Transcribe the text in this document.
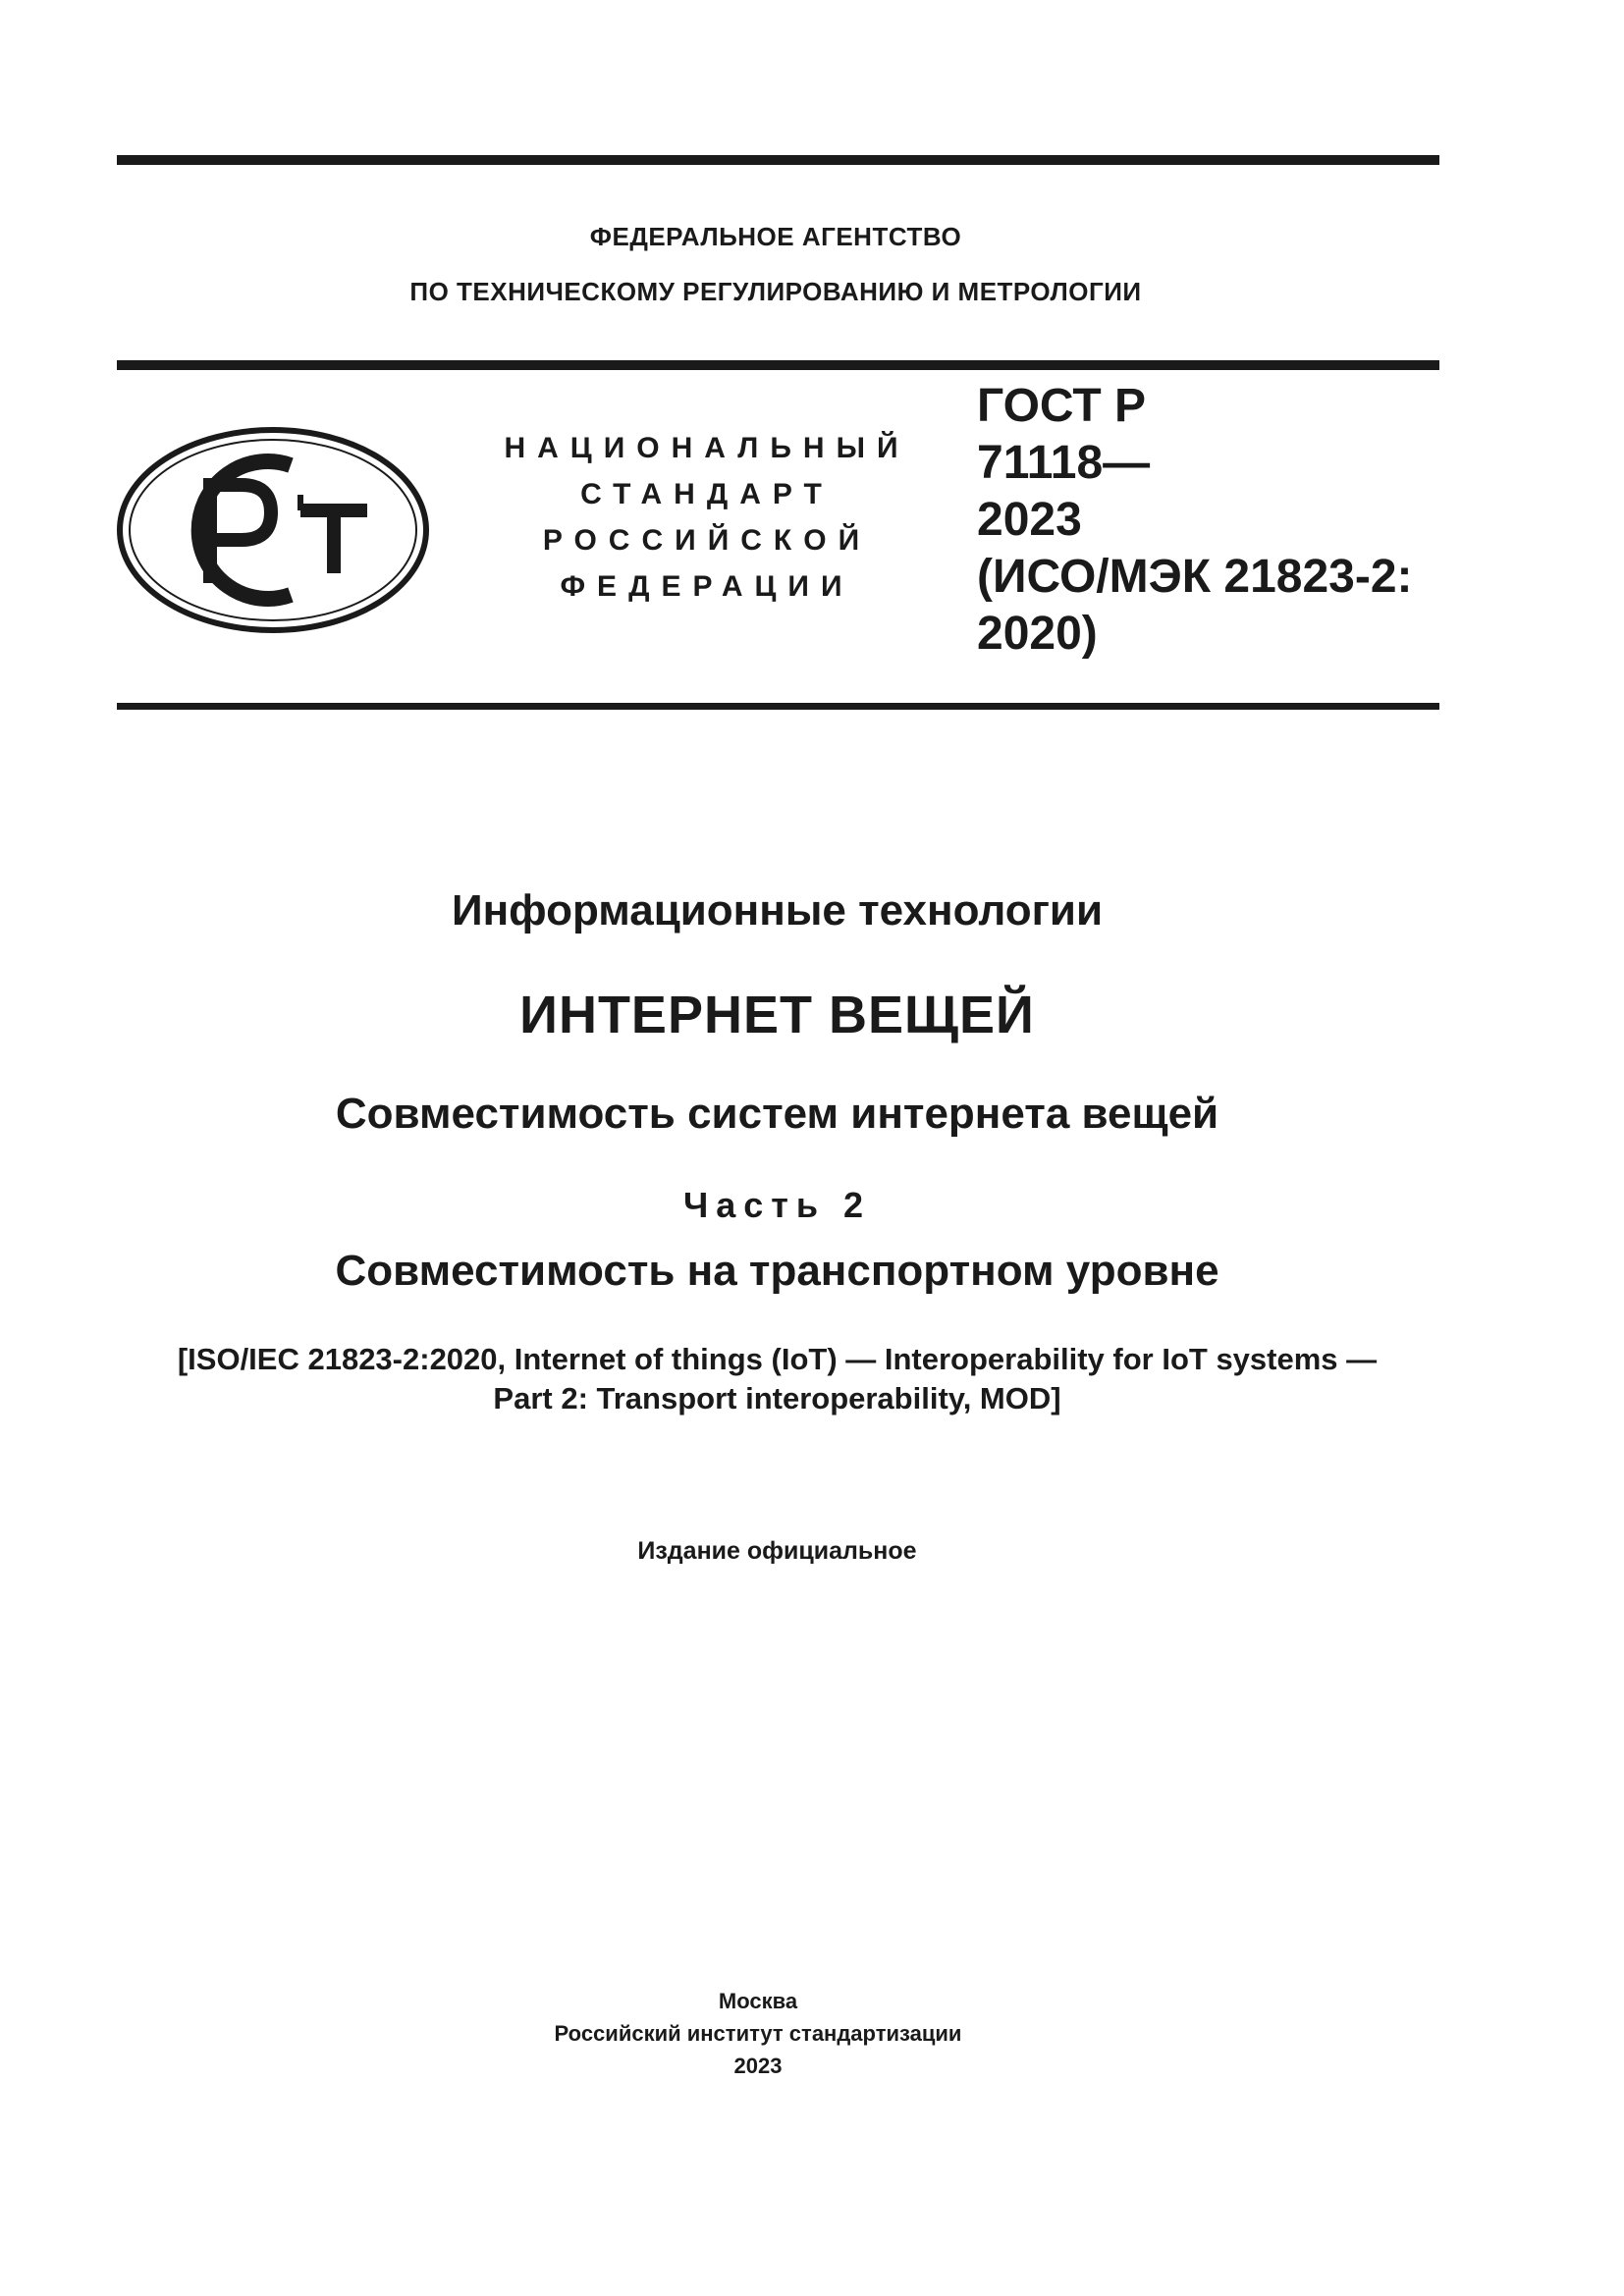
ФЕДЕРАЛЬНОЕ АГЕНТСТВО
ПО ТЕХНИЧЕСКОМУ РЕГУЛИРОВАНИЮ И МЕТРОЛОГИИ
НАЦИОНАЛЬНЫЙ
СТАНДАРТ
РОССИЙСКОЙ
ФЕДЕРАЦИИ
ГОСТ Р
71118—
2023
(ИСО/МЭК 21823-2:
2020)
Информационные технологии
ИНТЕРНЕТ ВЕЩЕЙ
Совместимость систем интернета вещей
Часть 2
Совместимость на транспортном уровне
[ISO/IEC 21823-2:2020, Internet of things (IoT) — Interoperability for IoT systems —
Part 2: Transport interoperability, MOD]
Издание официальное
Москва
Российский институт стандартизации
2023
